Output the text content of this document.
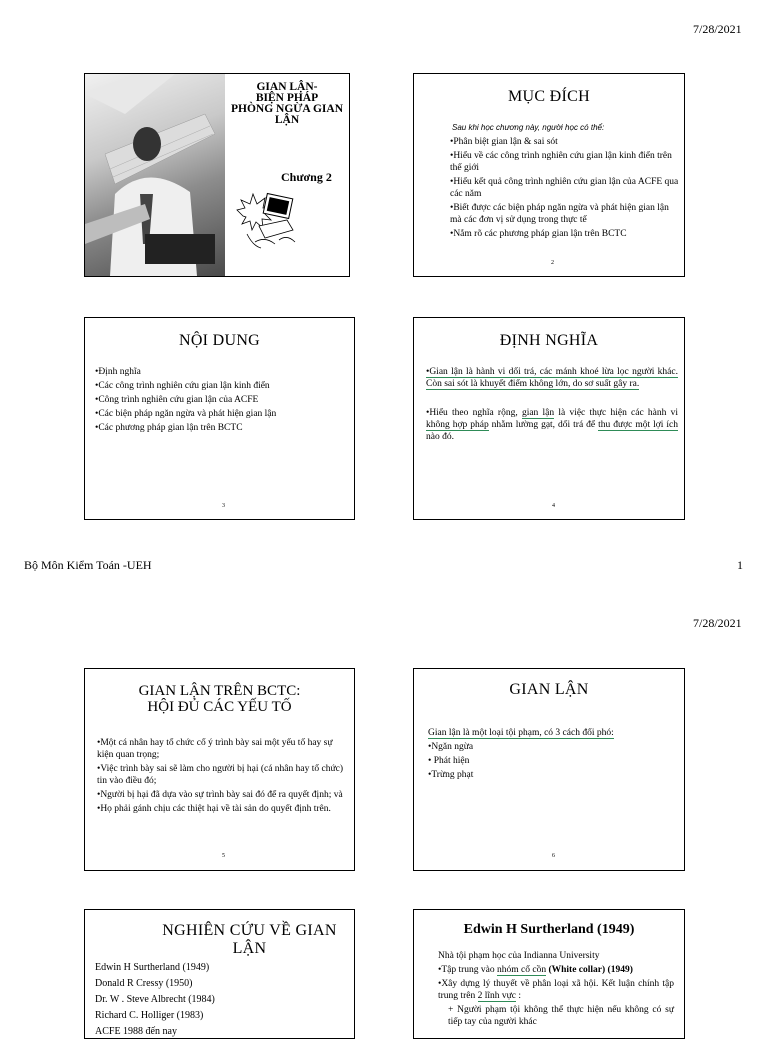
7/28/2021
GIAN LẬN-
BIỆN PHÁP
PHÒNG NGỪA GIAN
LẬN
Chương 2
MỤC ĐÍCH
Sau khi học chương này, người học có thể:
•Phân biệt gian lận & sai sót
•Hiểu về các công trình nghiên cứu gian lận kinh điển trên thế giới
•Hiểu kết quả công trình nghiên cứu gian lận của ACFE qua các năm
•Biết được các biện pháp ngăn ngừa và phát hiện gian lận mà các đơn vị sử dụng trong thực tế
•Nắm rõ các phương pháp gian lận trên BCTC
2
NỘI DUNG
•Định nghĩa
•Các công trình nghiên cứu gian lận kinh điển
•Công trình nghiên cứu gian lận của ACFE
•Các biện pháp ngăn ngừa và phát hiện gian lận
•Các phương pháp gian lận trên BCTC
3
ĐỊNH NGHĨA
•Gian lận là hành vi dối trá, các mánh khoé lừa lọc người khác. Còn sai sót là khuyết điểm không lớn, do sơ suất gây ra.
•Hiểu theo nghĩa rộng, gian lận là việc thực hiện các hành vi không hợp pháp nhằm lường gạt, dối trá để thu được một lợi ích nào đó.
4
Bộ Môn Kiểm Toán -UEH	1
7/28/2021
GIAN LẬN TRÊN BCTC:
HỘI ĐỦ CÁC YẾU TỐ
•Một cá nhân hay tổ chức cố ý trình bày sai một yếu tố hay sự kiện quan trọng;
•Việc trình bày sai sẽ làm cho người bị hại (cá nhân hay tổ chức) tin vào điều đó;
•Người bị hại đã dựa vào sự trình bày sai đó để ra quyết định; và
•Họ phải gánh chịu các thiệt hại về tài sản do quyết định trên.
5
GIAN LẬN
Gian lận là một loại tội phạm, có 3 cách đối phó:
•Ngăn ngừa
• Phát hiện
•Trừng phạt
6
NGHIÊN CỨU VỀ GIAN LẬN
Edwin H Surtherland (1949)
Donald R Cressy (1950)
Dr. W . Steve Albrecht (1984)
Richard C. Holliger (1983)
ACFE 1988 đến nay
Edwin H Surtherland (1949)
Nhà tội phạm học của Indianna University
•Tập trung vào nhóm cổ cồn (White collar) (1949)
•Xây dựng lý thuyết về phân loại xã hội. Kết luận chính tập trung trên 2 lĩnh vực :
+ Người phạm tội không thể thực hiện nếu không có sự tiếp tay của người khác
